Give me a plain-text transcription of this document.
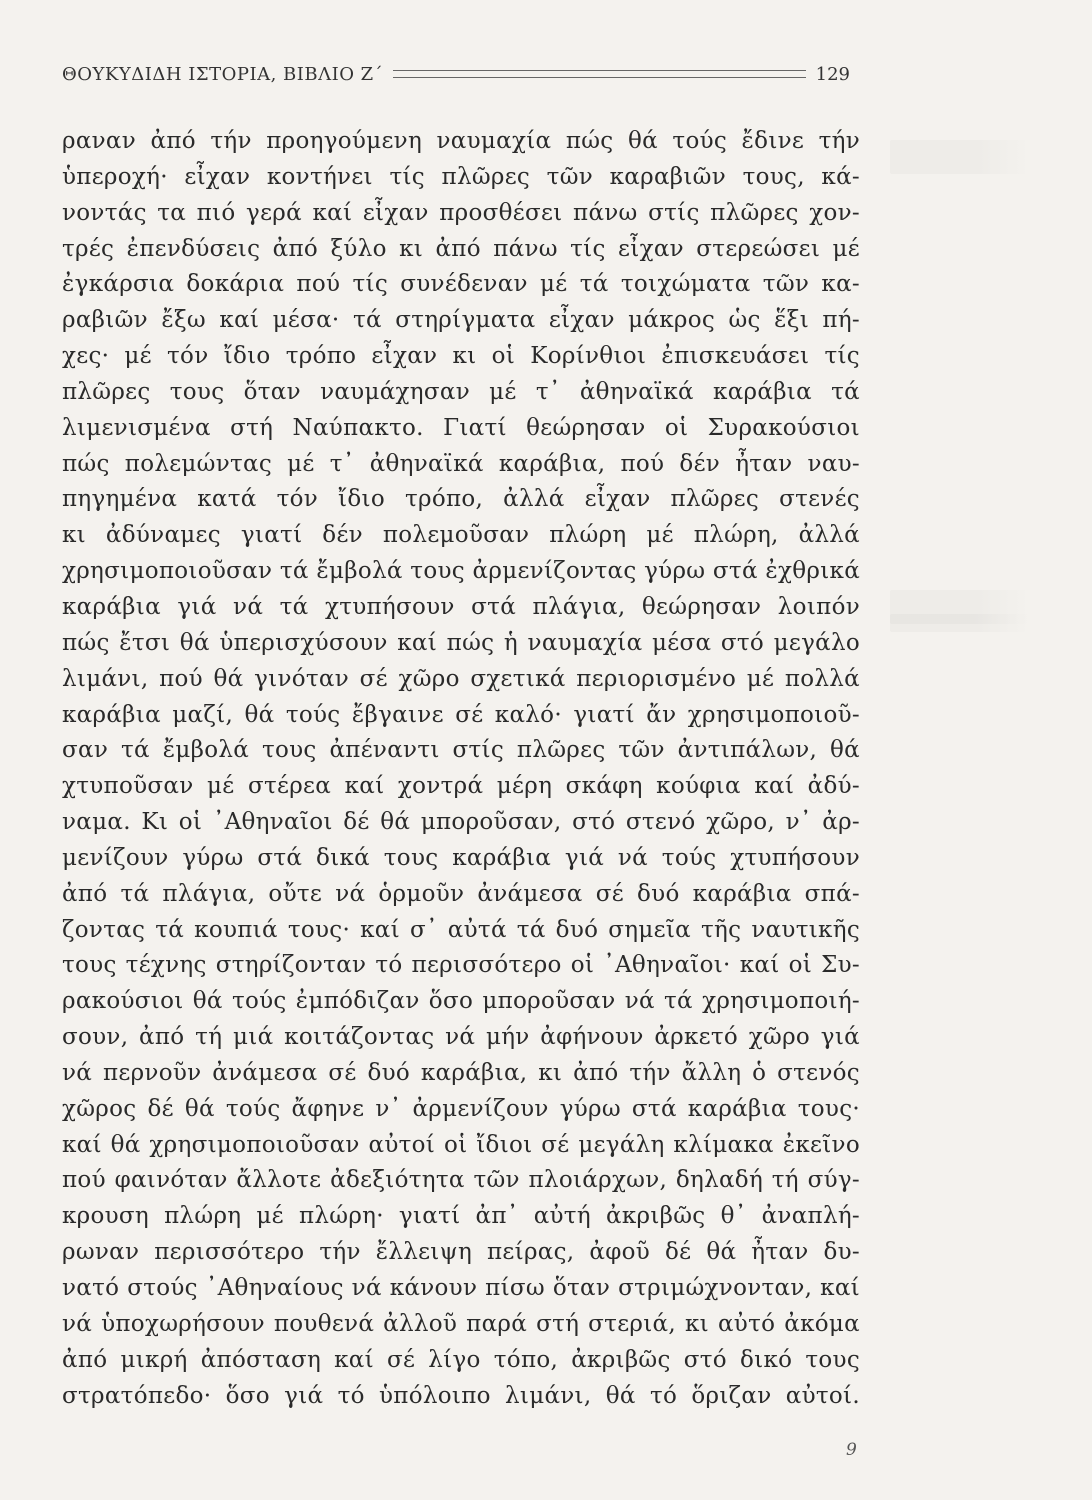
ΘΟΥΚΥΔΙΔΗ ΙΣΤΟΡΙΑ, ΒΙΒΛΙΟ Ζ΄	129
ραναν ἀπό τήν προηγούμενη ναυμαχία πώς θά τούς ἔδινε τήν
ὑπεροχή· εἶχαν κοντήνει τίς πλῶρες τῶν καραβιῶν τους, κά-
νοντάς τα πιό γερά καί εἶχαν προσθέσει πάνω στίς πλῶρες χον-
τρές ἐπενδύσεις ἀπό ξύλο κι ἀπό πάνω τίς εἶχαν στερεώσει μέ
ἐγκάρσια δοκάρια πού τίς συνέδεναν μέ τά τοιχώματα τῶν κα-
ραβιῶν ἔξω καί μέσα· τά στηρίγματα εἶχαν μάκρος ὡς ἕξι πή-
χες· μέ τόν ἴδιο τρόπο εἶχαν κι οἱ Κορίνθιοι ἐπισκευάσει τίς
πλῶρες τους ὅταν ναυμάχησαν μέ τ᾽ ἀθηναϊκά καράβια τά
λιμενισμένα στή Ναύπακτο. Γιατί θεώρησαν οἱ Συρακούσιοι
πώς πολεμώντας μέ τ᾽ ἀθηναϊκά καράβια, πού δέν ἦταν ναυ-
πηγημένα κατά τόν ἴδιο τρόπο, ἀλλά εἶχαν πλῶρες στενές
κι ἀδύναμες γιατί δέν πολεμοῦσαν πλώρη μέ πλώρη, ἀλλά
χρησιμοποιοῦσαν τά ἔμβολά τους ἀρμενίζοντας γύρω στά ἐχθρικά
καράβια γιά νά τά χτυπήσουν στά πλάγια, θεώρησαν λοιπόν
πώς ἔτσι θά ὑπερισχύσουν καί πώς ἡ ναυμαχία μέσα στό μεγάλο
λιμάνι, πού θά γινόταν σέ χῶρο σχετικά περιορισμένο μέ πολλά
καράβια μαζί, θά τούς ἔβγαινε σέ καλό· γιατί ἄν χρησιμοποιοῦ-
σαν τά ἔμβολά τους ἀπέναντι στίς πλῶρες τῶν ἀντιπάλων, θά
χτυποῦσαν μέ στέρεα καί χοντρά μέρη σκάφη κούφια καί ἀδύ-
ναμα. Κι οἱ ᾿Αθηναῖοι δέ θά μποροῦσαν, στό στενό χῶρο, ν᾽ ἀρ-
μενίζουν γύρω στά δικά τους καράβια γιά νά τούς χτυπήσουν
ἀπό τά πλάγια, οὔτε νά ὁρμοῦν ἀνάμεσα σέ δυό καράβια σπά-
ζοντας τά κουπιά τους· καί σ᾽ αὐτά τά δυό σημεῖα τῆς ναυτικῆς
τους τέχνης στηρίζονταν τό περισσότερο οἱ ᾿Αθηναῖοι· καί οἱ Συ-
ρακούσιοι θά τούς ἐμπόδιζαν ὅσο μποροῦσαν νά τά χρησιμοποιή-
σουν, ἀπό τή μιά κοιτάζοντας νά μήν ἀφήνουν ἀρκετό χῶρο γιά
νά περνοῦν ἀνάμεσα σέ δυό καράβια, κι ἀπό τήν ἄλλη ὁ στενός
χῶρος δέ θά τούς ἄφηνε ν᾽ ἀρμενίζουν γύρω στά καράβια τους·
καί θά χρησιμοποιοῦσαν αὐτοί οἱ ἴδιοι σέ μεγάλη κλίμακα ἐκεῖνο
πού φαινόταν ἄλλοτε ἀδεξιότητα τῶν πλοιάρχων, δηλαδή τή σύγ-
κρουση πλώρη μέ πλώρη· γιατί ἀπ᾽ αὐτή ἀκριβῶς θ᾽ ἀναπλή-
ρωναν περισσότερο τήν ἔλλειψη πείρας, ἀφοῦ δέ θά ἦταν δυ-
νατό στούς ᾿Αθηναίους νά κάνουν πίσω ὅταν στριμώχνονταν, καί
νά ὑποχωρήσουν πουθενά ἀλλοῦ παρά στή στεριά, κι αὐτό ἀκόμα
ἀπό μικρή ἀπόσταση καί σέ λίγο τόπο, ἀκριβῶς στό δικό τους
στρατόπεδο· ὅσο γιά τό ὑπόλοιπο λιμάνι, θά τό ὅριζαν αὐτοί.
9
